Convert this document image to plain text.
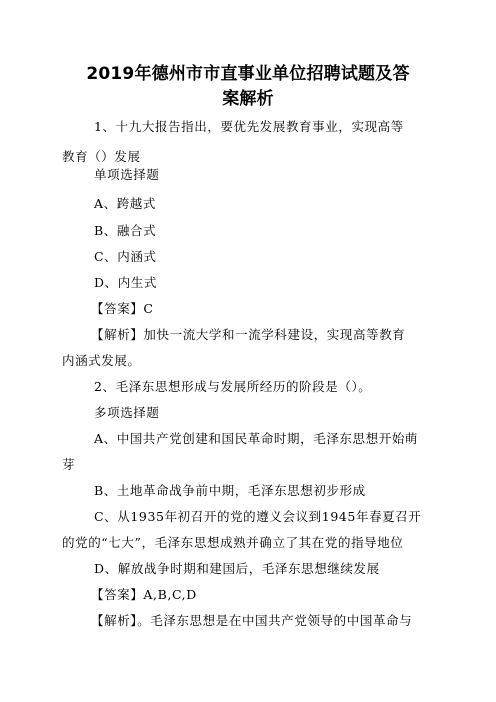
2019年德州市市直事业单位招聘试题及答
案解析
1、十九大报告指出，要优先发展教育事业，实现高等
教育（）发展
单项选择题
A、跨越式
B、融合式
C、内涵式
D、内生式
【答案】C
【解析】加快一流大学和一流学科建设，实现高等教育
内涵式发展。
2、毛泽东思想形成与发展所经历的阶段是（）。
多项选择题
A、中国共产党创建和国民革命时期，毛泽东思想开始萌
芽
B、土地革命战争前中期，毛泽东思想初步形成
C、从1935年初召开的党的遵义会议到1945年春夏召开
的党的“七大”，毛泽东思想成熟并确立了其在党的指导地位
D、解放战争时期和建国后，毛泽东思想继续发展
【答案】A,B,C,D
【解析】。毛泽东思想是在中国共产党领导的中国革命与
